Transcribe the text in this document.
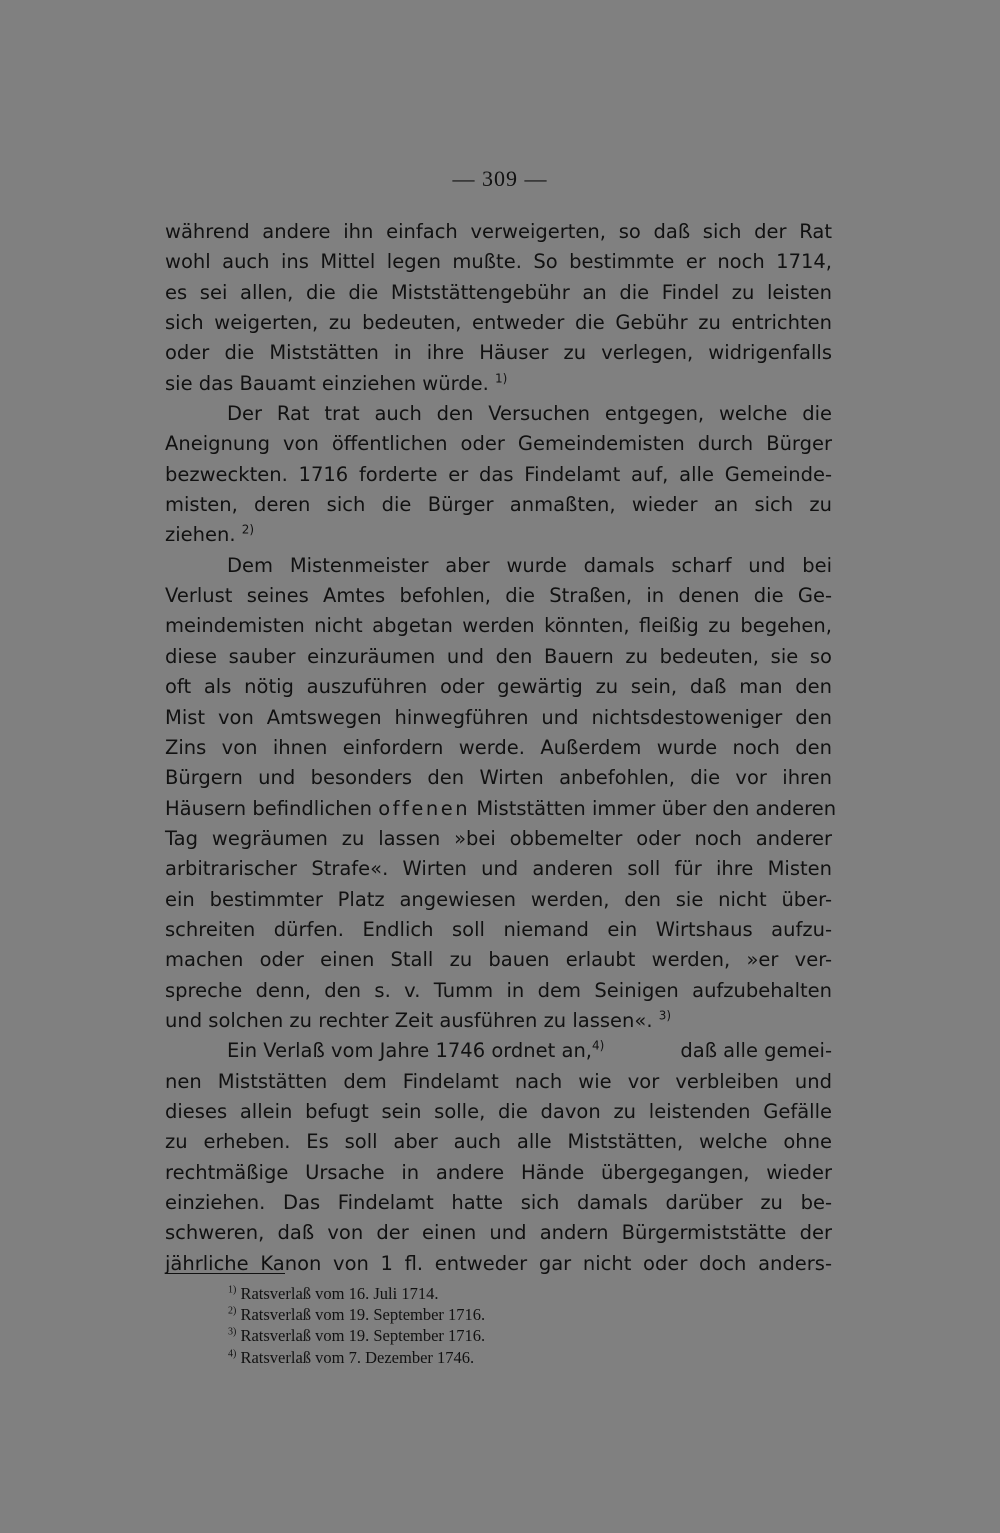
— 309 —
während andere ihn einfach verweigerten, so daß sich der Rat
wohl auch ins Mittel legen mußte. So bestimmte er noch 1714,
es sei allen, die die Miststättengebühr an die Findel zu leisten
sich weigerten, zu bedeuten, entweder die Gebühr zu entrichten
oder die Miststätten in ihre Häuser zu verlegen, widrigenfalls
sie das Bauamt einziehen würde. $^{1)}$
Der Rat trat auch den Versuchen entgegen, welche die
Aneignung von öffentlichen oder Gemeindemisten durch Bürger
bezweckten. 1716 forderte er das Findelamt auf, alle Gemeinde-
misten, deren sich die Bürger anmaßten, wieder an sich zu
ziehen. $^{2)}$
Dem Mistenmeister aber wurde damals scharf und bei
Verlust seines Amtes befohlen, die Straßen, in denen die Ge-
meindemisten nicht abgetan werden könnten, fleißig zu begehen,
diese sauber einzuräumen und den Bauern zu bedeuten, sie so
oft als nötig auszuführen oder gewärtig zu sein, daß man den
Mist von Amtswegen hinwegführen und nichtsdestoweniger den
Zins von ihnen einfordern werde. Außerdem wurde noch den
Bürgern und besonders den Wirten anbefohlen, die vor ihren
Häusern befindlichen offenen Miststätten immer über den anderen
Tag wegräumen zu lassen »bei obbemelter oder noch anderer
arbitrarischer Strafe«. Wirten und anderen soll für ihre Misten
ein bestimmter Platz angewiesen werden, den sie nicht über-
schreiten dürfen. Endlich soll niemand ein Wirtshaus aufzu-
machen oder einen Stall zu bauen erlaubt werden, »er ver-
spreche denn, den s. v. Tumm in dem Seinigen aufzubehalten
und solchen zu rechter Zeit ausführen zu lassen«. $^{3)}$
Ein Verlaß vom Jahre 1746 ordnet an,$^{4)}$	daß alle gemei-
nen Miststätten dem Findelamt nach wie vor verbleiben und
dieses allein befugt sein solle, die davon zu leistenden Gefälle
zu erheben. Es soll aber auch alle Miststätten, welche ohne
rechtmäßige Ursache in andere Hände übergegangen, wieder
einziehen. Das Findelamt hatte sich damals darüber zu be-
schweren, daß von der einen und andern Bürgermiststätte der
jährliche Kanon von 1 fl. entweder gar nicht oder doch anders-
$^{1)}$ Ratsverlaß vom 16. Juli 1714.
$^{2)}$ Ratsverlaß vom 19. September 1716.
$^{3)}$ Ratsverlaß vom 19. September 1716.
$^{4)}$ Ratsverlaß vom 7. Dezember 1746.
